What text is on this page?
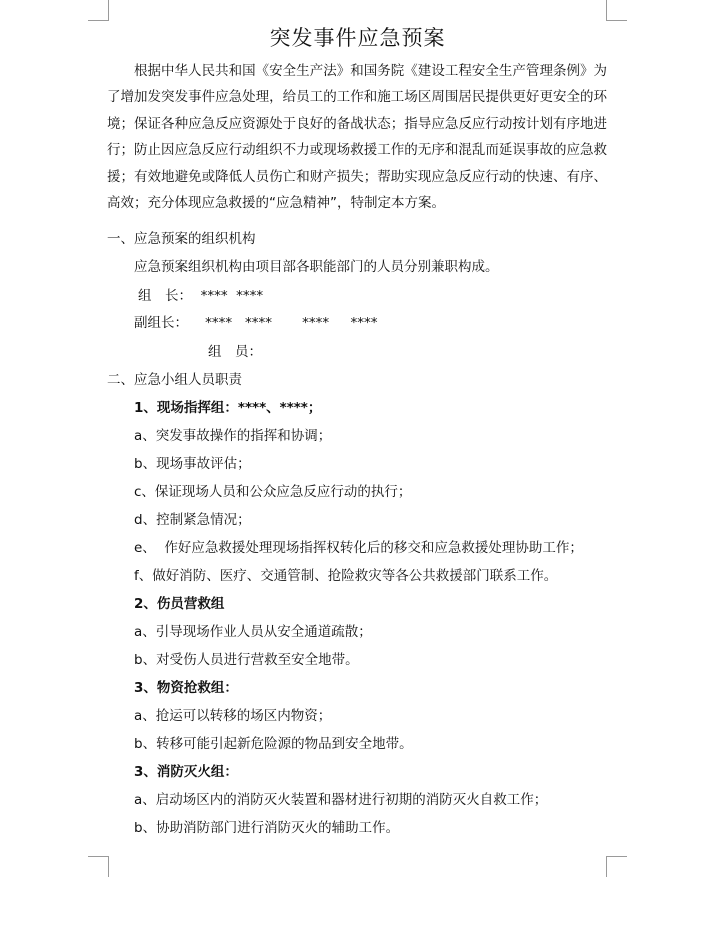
突发事件应急预案

根据中华人民共和国《安全生产法》和国务院《建设工程安全生产管理条例》为了增加发突发事件应急处理，给员工的工作和施工场区周围居民提供更好更安全的环境；保证各种应急反应资源处于良好的备战状态；指导应急反应行动按计划有序地进行；防止因应急反应行动组织不力或现场救援工作的无序和混乱而延误事故的应急救援；有效地避免或降低人员伤亡和财产损失；帮助实现应急反应行动的快速、有序、高效；充分体现应急救援的“应急精神”，特制定本方案。

一、应急预案的组织机构
应急预案组织机构由项目部各职能部门的人员分别兼职构成。
组　长：  ****  ****
副组长：    ****   ****       ****     ****
组　员：
二、应急小组人员职责
1、现场指挥组：****、****；
a、突发事故操作的指挥和协调；
b、现场事故评估；
c、保证现场人员和公众应急反应行动的执行；
d、控制紧急情况；
e、  作好应急救援处理现场指挥权转化后的移交和应急救援处理协助工作；
f、做好消防、医疗、交通管制、抢险救灾等各公共救援部门联系工作。
2、伤员营救组
a、引导现场作业人员从安全通道疏散；
b、对受伤人员进行营救至安全地带。
3、物资抢救组：
a、抢运可以转移的场区内物资；
b、转移可能引起新危险源的物品到安全地带。
3、消防灭火组：
a、启动场区内的消防灭火装置和器材进行初期的消防灭火自救工作；
b、协助消防部门进行消防灭火的辅助工作。
